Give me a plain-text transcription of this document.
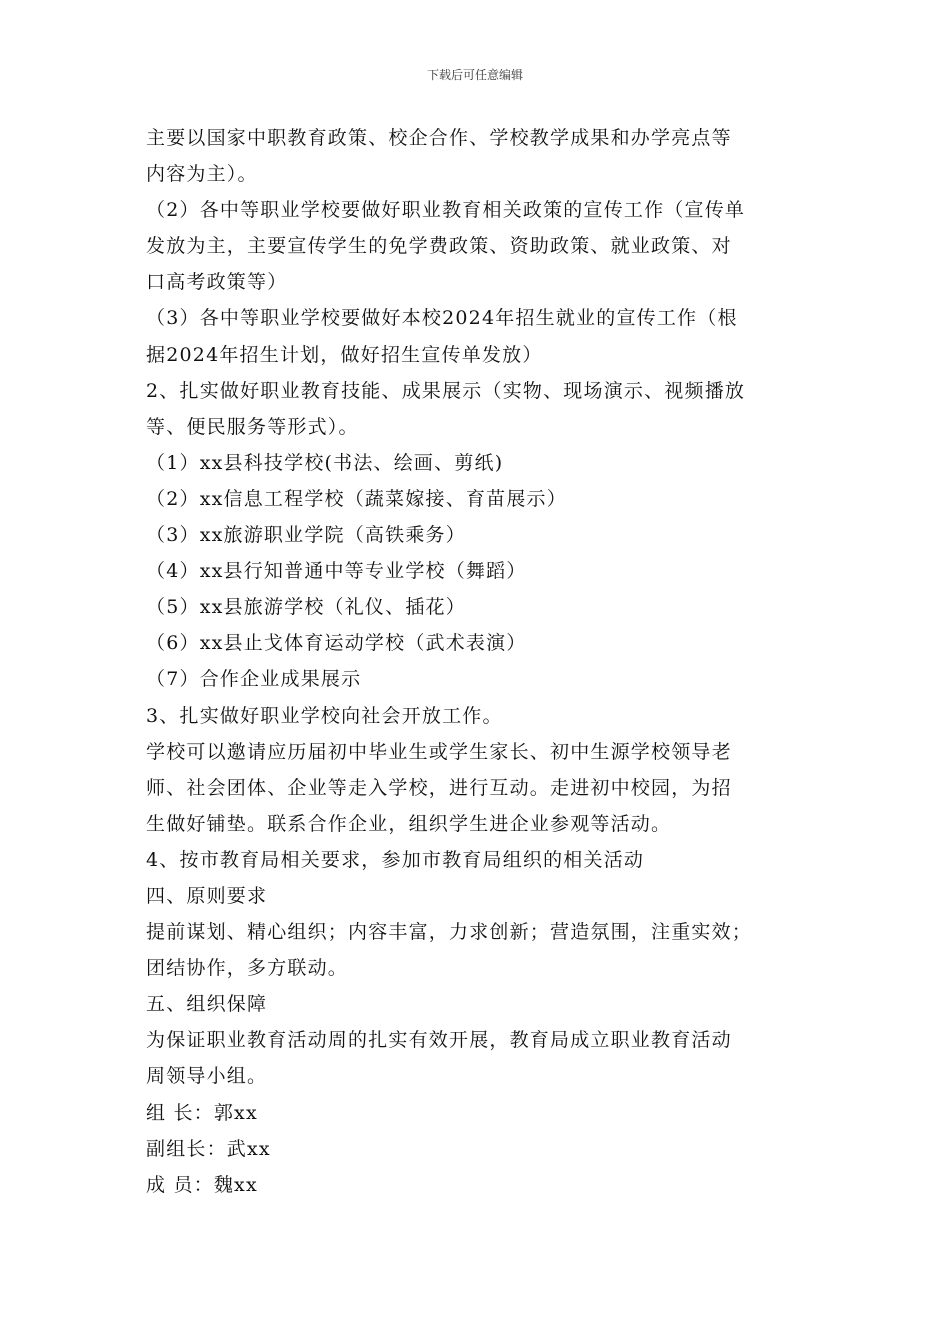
下载后可任意编辑
主要以国家中职教育政策、校企合作、学校教学成果和办学亮点等
内容为主）。
（2）各中等职业学校要做好职业教育相关政策的宣传工作（宣传单
发放为主，主要宣传学生的免学费政策、资助政策、就业政策、对
口高考政策等）
（3）各中等职业学校要做好本校2024年招生就业的宣传工作（根
据2024年招生计划，做好招生宣传单发放）
2、扎实做好职业教育技能、成果展示（实物、现场演示、视频播放
等、便民服务等形式）。
（1）xx县科技学校(书法、绘画、剪纸)
（2）xx信息工程学校（蔬菜嫁接、育苗展示）
（3）xx旅游职业学院（高铁乘务）
（4）xx县行知普通中等专业学校（舞蹈）
（5）xx县旅游学校（礼仪、插花）
（6）xx县止戈体育运动学校（武术表演）
（7）合作企业成果展示
3、扎实做好职业学校向社会开放工作。
学校可以邀请应历届初中毕业生或学生家长、初中生源学校领导老
师、社会团体、企业等走入学校，进行互动。走进初中校园，为招
生做好铺垫。联系合作企业，组织学生进企业参观等活动。
4、按市教育局相关要求，参加市教育局组织的相关活动
四、原则要求
提前谋划、精心组织；内容丰富，力求创新；营造氛围，注重实效；
团结协作，多方联动。
五、组织保障
为保证职业教育活动周的扎实有效开展，教育局成立职业教育活动
周领导小组。
组 长：郭xx
副组长：武xx
成 员：魏xx
